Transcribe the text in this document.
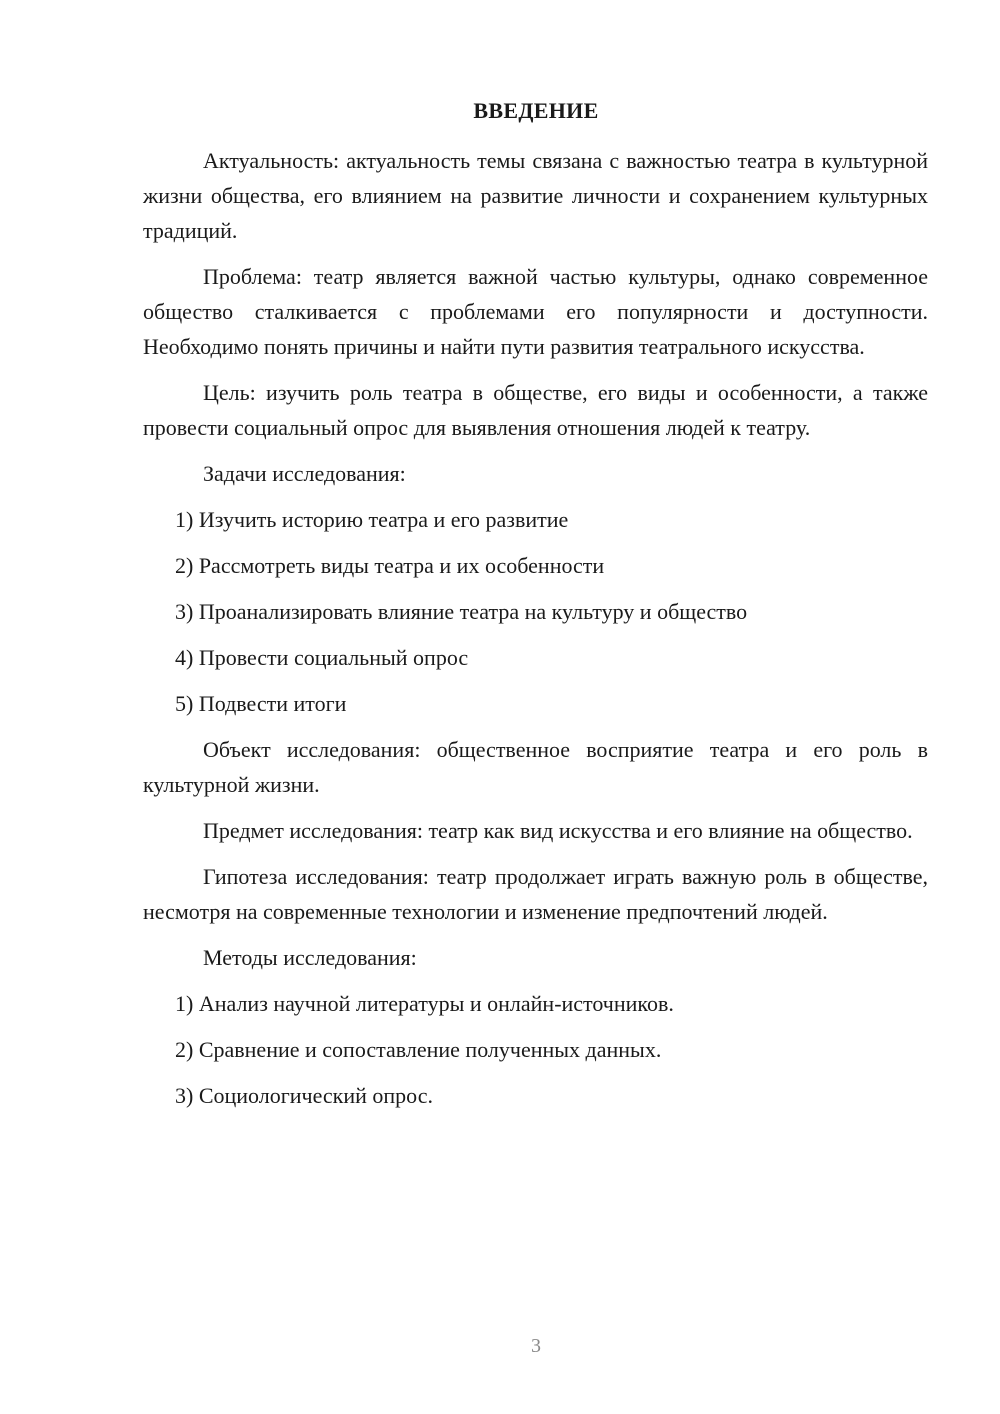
ВВЕДЕНИЕ

Актуальность: актуальность темы связана с важностью театра в культурной жизни общества, его влиянием на развитие личности и сохранением культурных традиций.

Проблема: театр является важной частью культуры, однако современное общество сталкивается с проблемами его популярности и доступности. Необходимо понять причины и найти пути развития театрального искусства.

Цель: изучить роль театра в обществе, его виды и особенности, а также провести социальный опрос для выявления отношения людей к театру.

Задачи исследования:

1) Изучить историю театра и его развитие

2) Рассмотреть виды театра и их особенности

3) Проанализировать влияние театра на культуру и общество

4) Провести социальный опрос

5) Подвести итоги

Объект исследования: общественное восприятие театра и его роль в культурной жизни.

Предмет исследования: театр как вид искусства и его влияние на общество.

Гипотеза исследования: театр продолжает играть важную роль в обществе, несмотря на современные технологии и изменение предпочтений людей.

Методы исследования:

1) Анализ научной литературы и онлайн-источников.

2) Сравнение и сопоставление полученных данных.

3) Социологический опрос.

3
